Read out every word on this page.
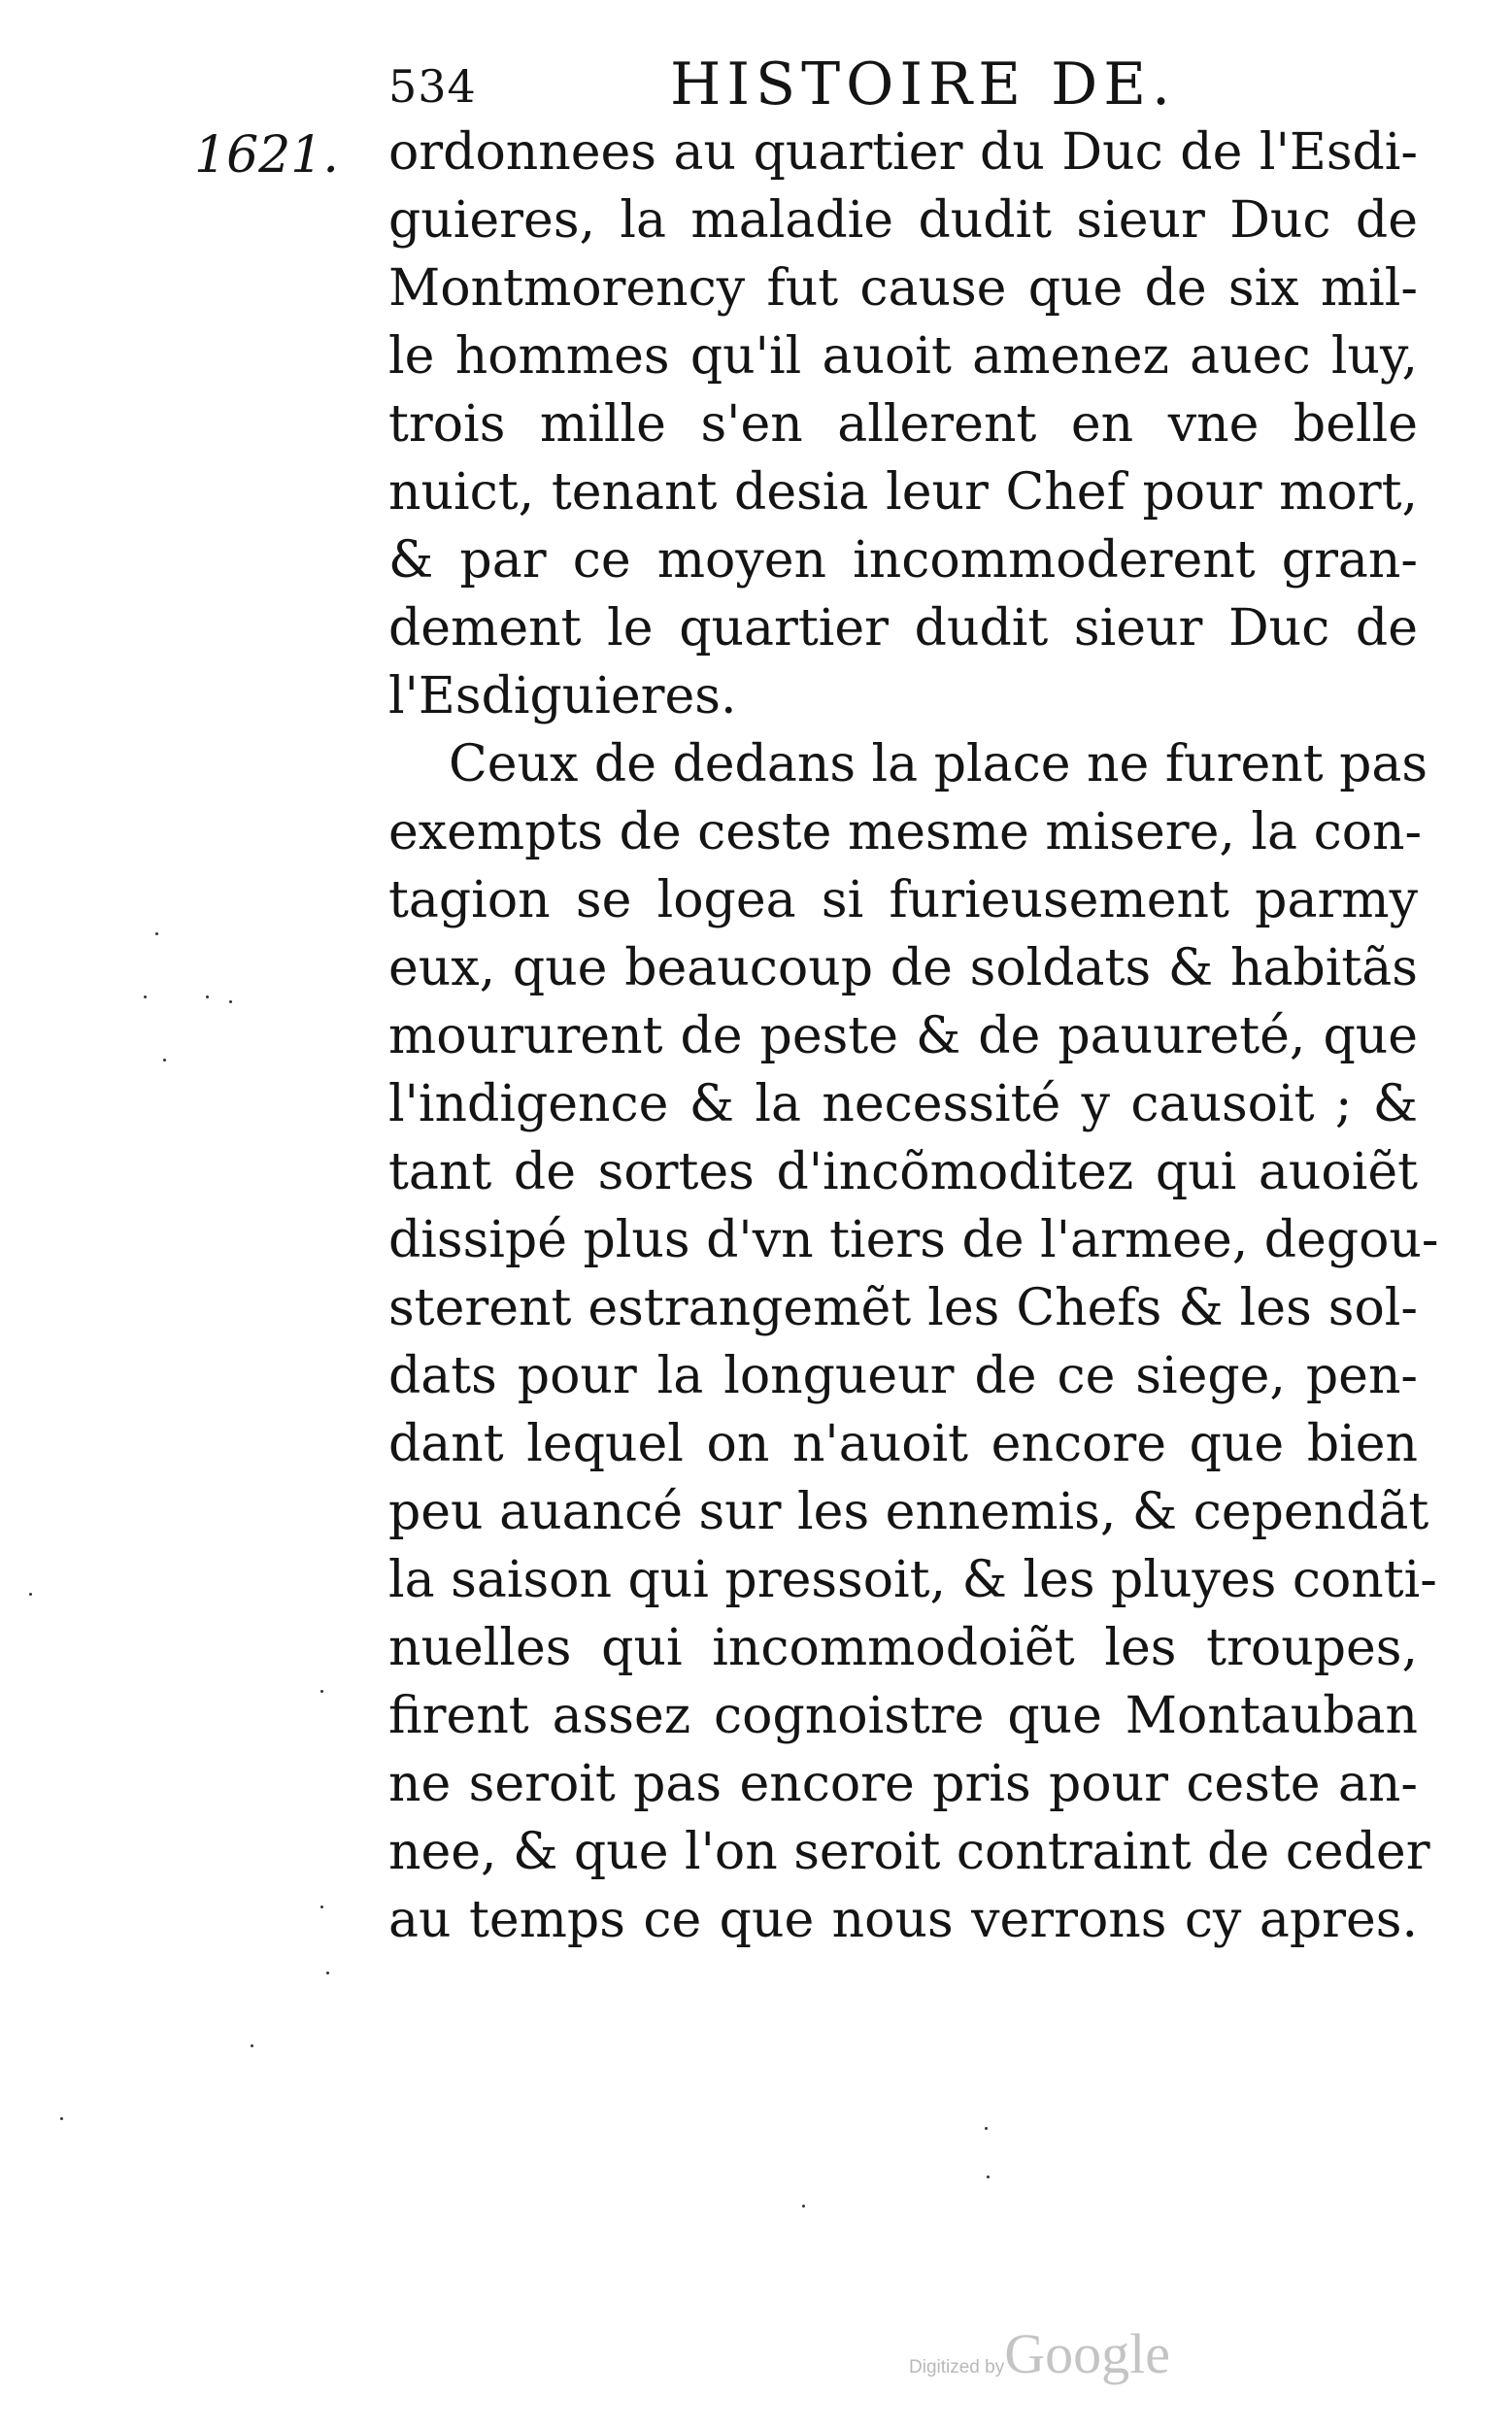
534	HISTOIRE DE.
1621. ordonnees au quartier du Duc de l'Esdi-
guieres, la maladie dudit sieur Duc de
Montmorency fut cause que de six mil-
le hommes qu'il auoit amenez auec luy,
trois mille s'en allerent en vne belle
nuict, tenant desia leur Chef pour mort,
& par ce moyen incommoderent gran-
dement le quartier dudit sieur Duc de
l'Esdiguieres.
Ceux de dedans la place ne furent pas
exempts de ceste mesme misere, la con-
tagion se logea si furieusement parmy
eux, que beaucoup de soldats & habitãs
moururent de peste & de pauureté, que
l'indigence & la necessité y causoit ; &
tant de sortes d'incõmoditez qui auoiẽt
dissipé plus d'vn tiers de l'armee, degou-
sterent estrangemẽt les Chefs & les sol-
dats pour la longueur de ce siege, pen-
dant lequel on n'auoit encore que bien
peu auancé sur les ennemis, & cependãt
la saison qui pressoit, & les pluyes conti-
nuelles qui incommodoiẽt les troupes,
firent assez cognoistre que Montauban
ne seroit pas encore pris pour ceste an-
nee, & que l'on seroit contraint de ceder
au temps ce que nous verrons cy apres.
Digitized byGoogle
